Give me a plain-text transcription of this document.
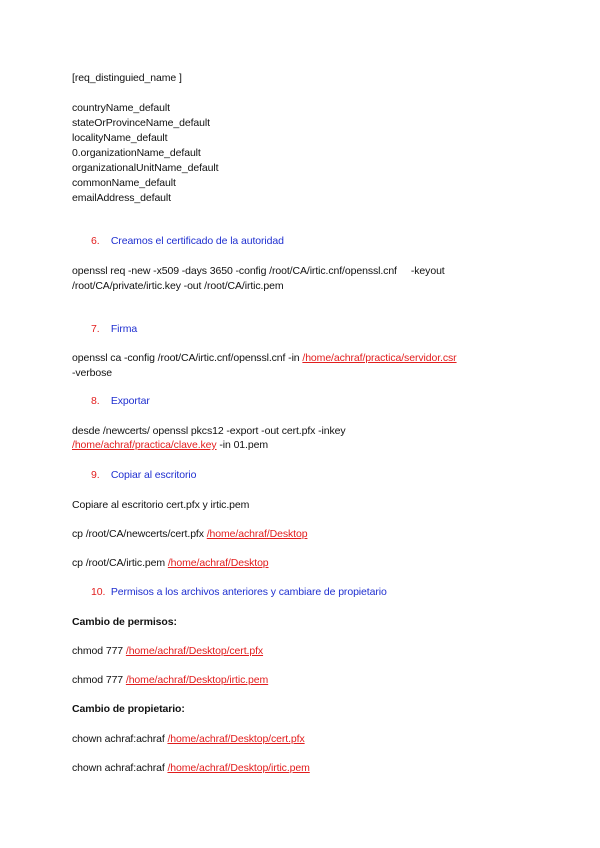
[req_distinguied_name ]
countryName_default
stateOrProvinceName_default
localityName_default
0.organizationName_default
organizationalUnitName_default
commonName_default
emailAddress_default
6. Creamos el certificado de la autoridad
openssl req -new -x509 -days 3650 -config /root/CA/irtic.cnf/openssl.cnf -keyout
/root/CA/private/irtic.key -out /root/CA/irtic.pem
7. Firma
openssl ca -config /root/CA/irtic.cnf/openssl.cnf -in /home/achraf/practica/servidor.csr
-verbose
8. Exportar
desde /newcerts/ openssl pkcs12 -export -out cert.pfx -inkey
/home/achraf/practica/clave.key -in 01.pem
9. Copiar al escritorio
Copiare al escritorio cert.pfx y irtic.pem
cp /root/CA/newcerts/cert.pfx /home/achraf/Desktop
cp /root/CA/irtic.pem /home/achraf/Desktop
10. Permisos a los archivos anteriores y cambiare de propietario
Cambio de permisos:
chmod 777 /home/achraf/Desktop/cert.pfx
chmod 777 /home/achraf/Desktop/irtic.pem
Cambio de propietario:
chown achraf:achraf /home/achraf/Desktop/cert.pfx
chown achraf:achraf /home/achraf/Desktop/irtic.pem
